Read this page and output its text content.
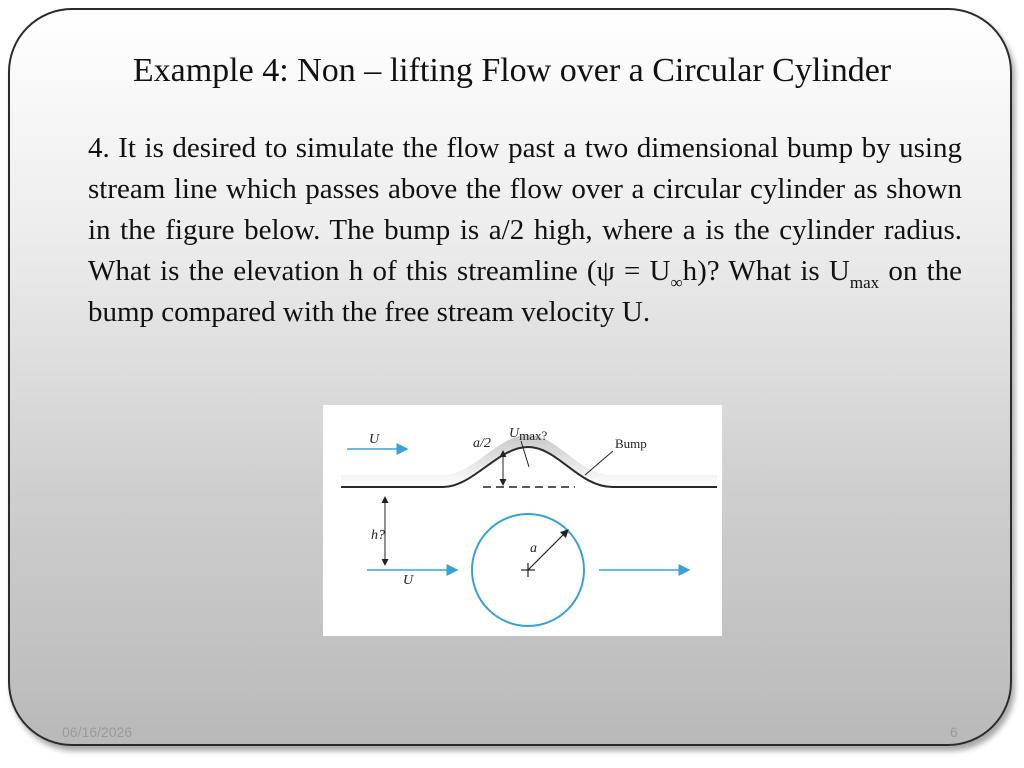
Example 4: Non – lifting Flow over a Circular Cylinder

4. It is desired to simulate the flow past a two dimensional bump by using stream line which passes above the flow over a circular cylinder as shown in the figure below. The bump is a/2 high, where a is the cylinder radius. What is the elevation h of this streamline $(\psi = U_\infty h)$? What is $U_{max}$ on the bump compared with the free stream velocity U.

U	a/2
Umax?
Bump
h?
U
a
06/16/2026	6
